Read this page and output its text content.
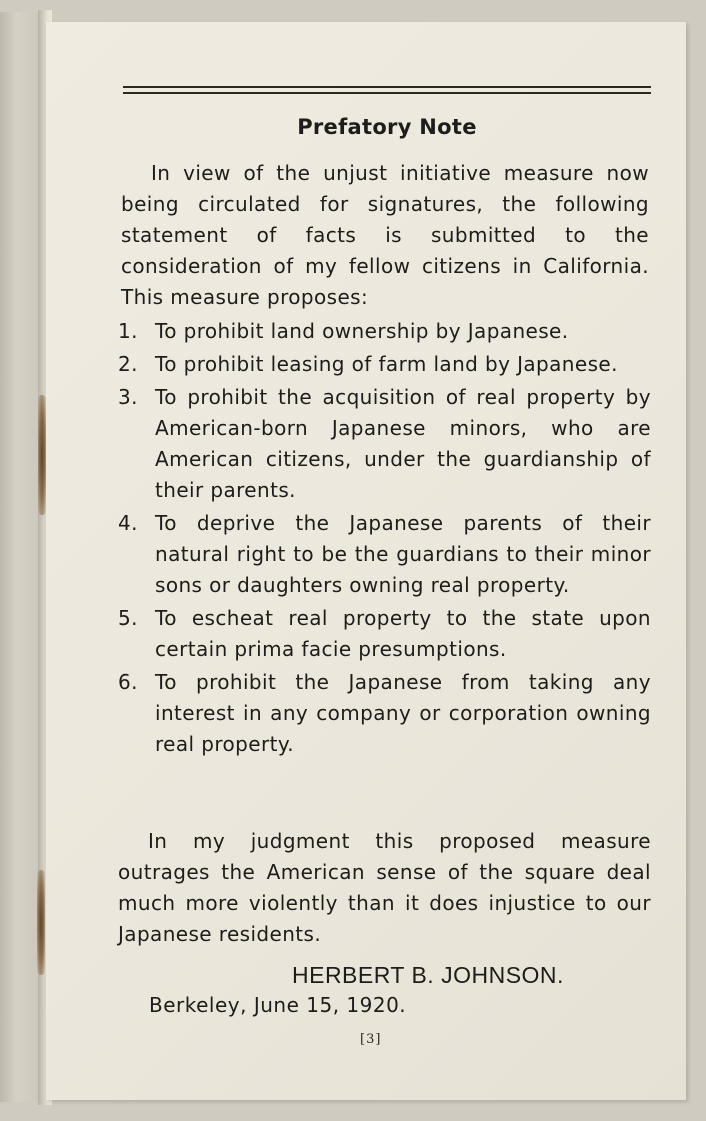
Prefatory Note
In view of the unjust initiative measure now being circulated for signatures, the following statement of facts is submitted to the consideration of my fellow citizens in California. This measure proposes:
1. To prohibit land ownership by Japanese.
2. To prohibit leasing of farm land by Japanese.
3. To prohibit the acquisition of real property by American-born Japanese minors, who are American citizens, under the guardianship of their parents.
4. To deprive the Japanese parents of their natural right to be the guardians to their minor sons or daughters owning real property.
5. To escheat real property to the state upon certain prima facie presumptions.
6. To prohibit the Japanese from taking any interest in any company or corporation owning real property.
In my judgment this proposed measure outrages the American sense of the square deal much more violently than it does injustice to our Japanese residents.
HERBERT B. JOHNSON.
Berkeley, June 15, 1920.
[3]
